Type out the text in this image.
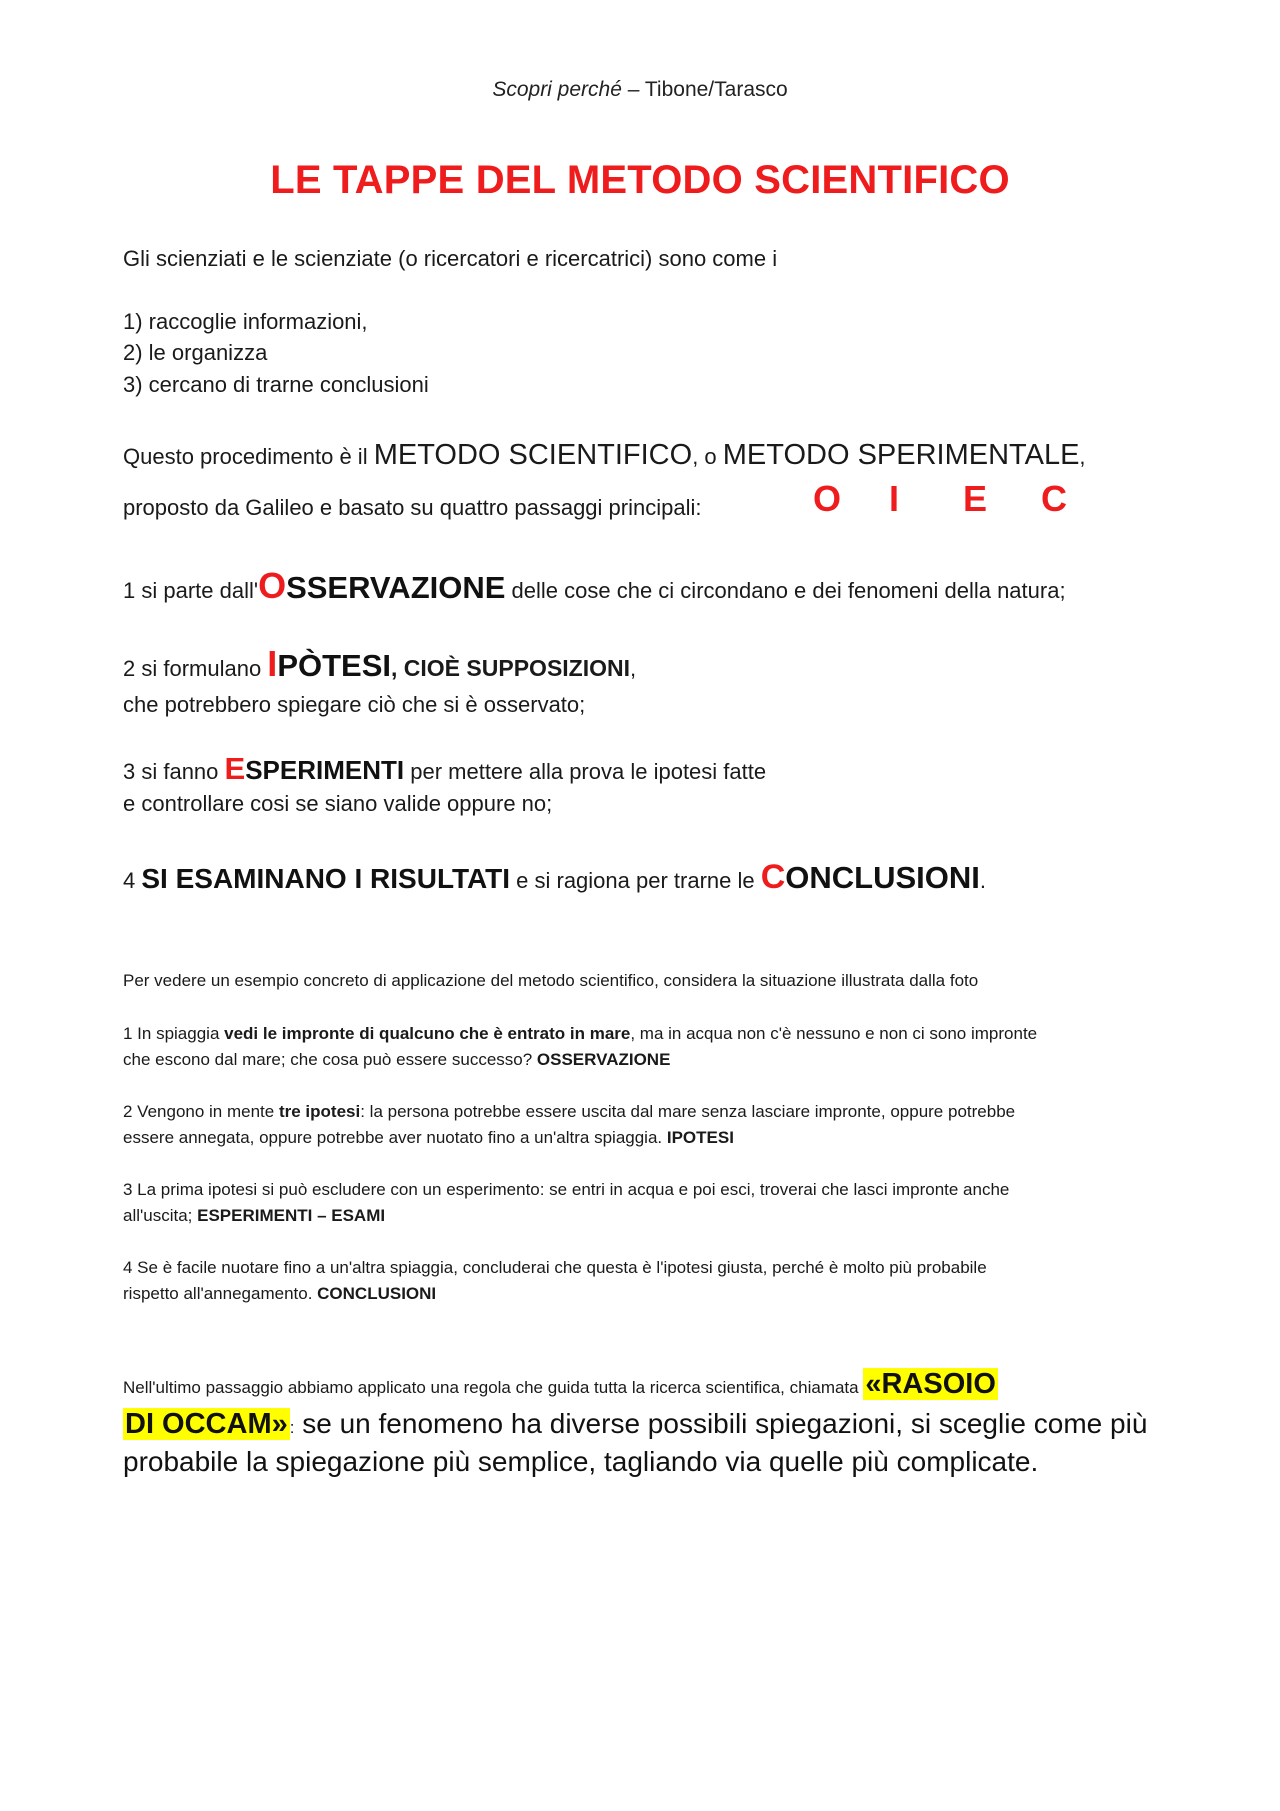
Scopri perché – Tibone/Tarasco
LE TAPPE DEL METODO SCIENTIFICO
Gli scienziati e le scienziate (o ricercatori e ricercatrici) sono come i
1) raccoglie informazioni,
2) le organizza
3) cercano di trarne conclusioni
Questo procedimento è il METODO SCIENTIFICO, o METODO SPERIMENTALE,
proposto da Galileo e basato su quattro passaggi principali:	O I E C
1 si parte dall'OSSERVAZIONE delle cose che ci circondano e dei fenomeni della natura;
2 si formulano IPÒTESI, CIOÈ SUPPOSIZIONI,
che potrebbero spiegare ciò che si è osservato;
3 si fanno ESPERIMENTI per mettere alla prova le ipotesi fatte
e controllare cosi se siano valide oppure no;
4 SI ESAMINANO I RISULTATI e si ragiona per trarne le CONCLUSIONI.
Per vedere un esempio concreto di applicazione del metodo scientifico, considera la situazione illustrata dalla foto
1 In spiaggia vedi le impronte di qualcuno che è entrato in mare, ma in acqua non c'è nessuno e non ci sono impronte
che escono dal mare; che cosa può essere successo? OSSERVAZIONE
2 Vengono in mente tre ipotesi: la persona potrebbe essere uscita dal mare senza lasciare impronte, oppure potrebbe
essere annegata, oppure potrebbe aver nuotato fino a un'altra spiaggia. IPOTESI
3 La prima ipotesi si può escludere con un esperimento: se entri in acqua e poi esci, troverai che lasci impronte anche
all'uscita; ESPERIMENTI – ESAMI
4 Se è facile nuotare fino a un'altra spiaggia, concluderai che questa è l'ipotesi giusta, perché è molto più probabile
rispetto all'annegamento. CONCLUSIONI
Nell'ultimo passaggio abbiamo applicato una regola che guida tutta la ricerca scientifica, chiamata «RASOIO
DI OCCAM» : se un fenomeno ha diverse possibili spiegazioni, si sceglie come più
probabile la spiegazione più semplice, tagliando via quelle più complicate.
